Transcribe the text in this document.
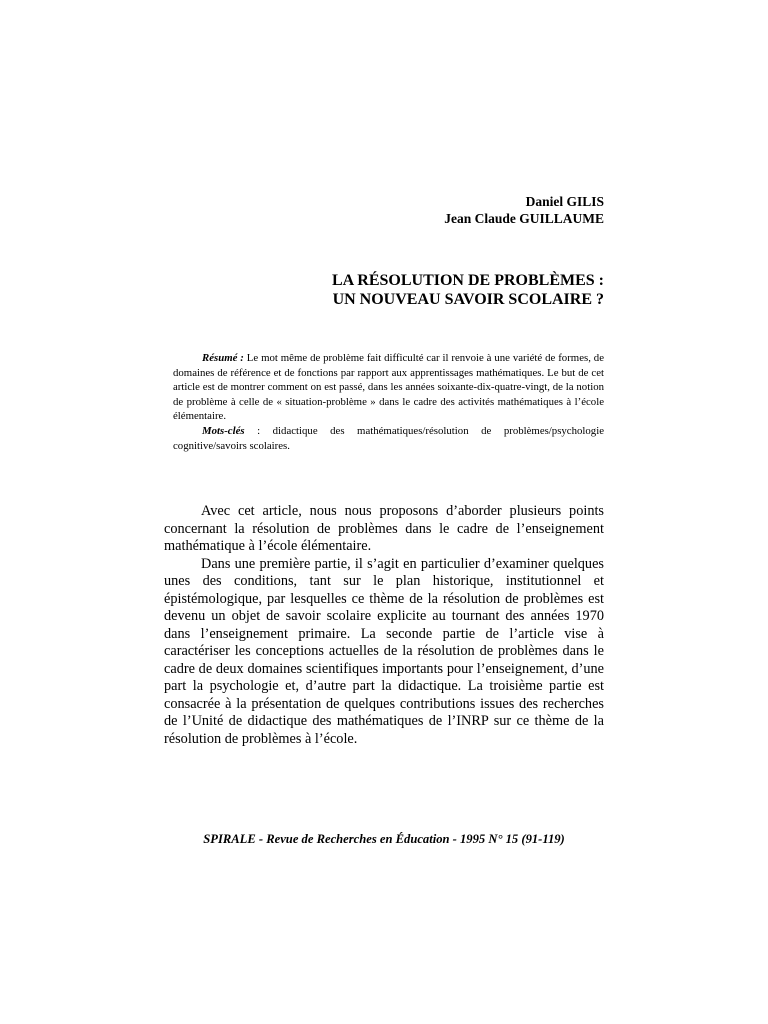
Daniel GILIS
Jean Claude GUILLAUME
LA RÉSOLUTION DE PROBLÈMES :
UN NOUVEAU SAVOIR SCOLAIRE ?

Résumé : Le mot même de problème fait difficulté car il renvoie à une variété de formes, de domaines de référence et de fonctions par rapport aux apprentissages mathématiques. Le but de cet article est de montrer comment on est passé, dans les années soixante-dix-quatre-vingt, de la notion de problème à celle de « situation-problème » dans le cadre des activités mathématiques à l’école élémentaire.

Mots-clés : didactique des mathématiques/résolution de problèmes/psychologie cognitive/savoirs scolaires.

Avec cet article, nous nous proposons d’aborder plusieurs points concernant la résolution de problèmes dans le cadre de l’enseignement mathématique à l’école élémentaire.

Dans une première partie, il s’agit en particulier d’examiner quelques unes des conditions, tant sur le plan historique, institutionnel et épistémologique, par lesquelles ce thème de la résolution de problèmes est devenu un objet de savoir scolaire explicite au tournant des années 1970 dans l’enseignement primaire. La seconde partie de l’article vise à caractériser les conceptions actuelles de la résolution de problèmes dans le cadre de deux domaines scientifiques importants pour l’enseignement, d’une part la psychologie et, d’autre part la didactique. La troisième partie est consacrée à la présentation de quelques contributions issues des recherches de l’Unité de didactique des mathématiques de l’INRP sur ce thème de la résolution de problèmes à l’école.

SPIRALE - Revue de Recherches en Éducation - 1995 N° 15 (91-119)
